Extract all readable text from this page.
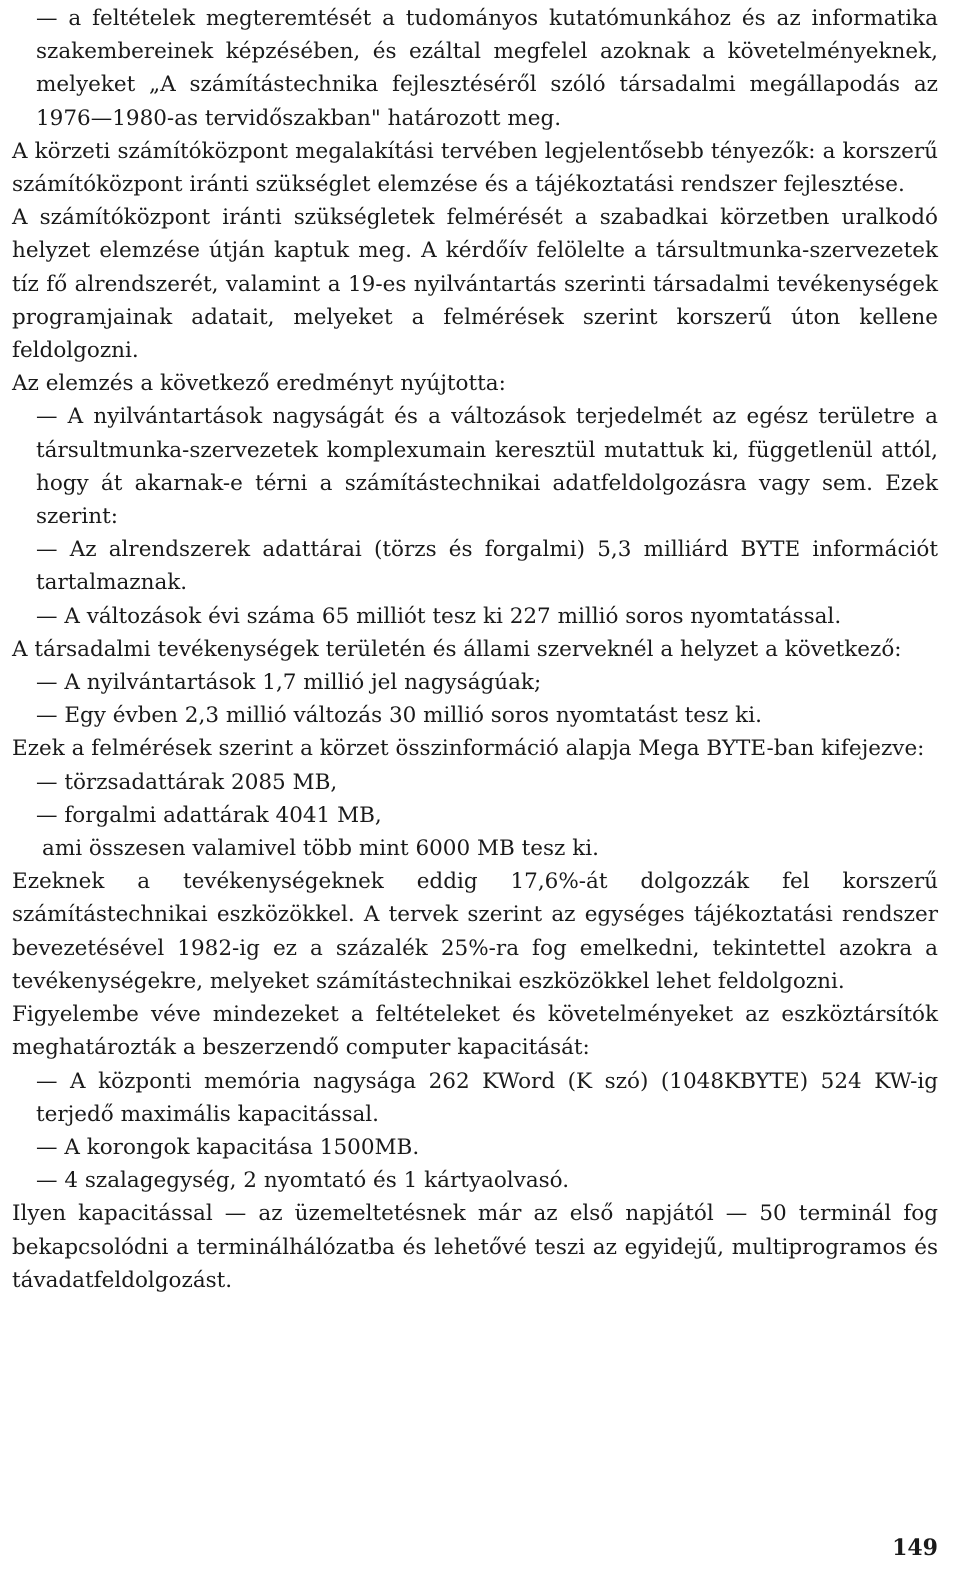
— a feltételek megteremtését a tudományos kutatómunkához és az informatika szakembereinek képzésében, és ezáltal megfelel azoknak a követelményeknek, melyeket „A számítástechnika fejlesztéséről szóló társadalmi megállapodás az 1976—1980-as tervidőszakban" határozott meg.

A körzeti számítóközpont megalakítási tervében legjelentősebb tényezők: a korszerű számítóközpont iránti szükséglet elemzése és a tájékoztatási rendszer fejlesztése.

A számítóközpont iránti szükségletek felmérését a szabadkai körzetben uralkodó helyzet elemzése útján kaptuk meg. A kérdőív felölelte a társultmunka-szervezetek tíz fő alrendszerét, valamint a 19-es nyilvántartás szerinti társadalmi tevékenységek programjainak adatait, melyeket a felmérések szerint korszerű úton kellene feldolgozni.

Az elemzés a következő eredményt nyújtotta:

— A nyilvántartások nagyságát és a változások terjedelmét az egész területre a társultmunka-szervezetek komplexumain keresztül mutattuk ki, függetlenül attól, hogy át akarnak-e térni a számítástechnikai adatfeldolgozásra vagy sem. Ezek szerint:

— Az alrendszerek adattárai (törzs és forgalmi) 5,3 milliárd BYTE információt tartalmaznak.

— A változások évi száma 65 milliót tesz ki 227 millió soros nyomtatással.

A társadalmi tevékenységek területén és állami szerveknél a helyzet a következő:

— A nyilvántartások 1,7 millió jel nagyságúak;

— Egy évben 2,3 millió változás 30 millió soros nyomtatást tesz ki.

Ezek a felmérések szerint a körzet összinformáció alapja Mega BYTE-ban kifejezve:

— törzsadattárak 2085 MB,

— forgalmi adattárak 4041 MB,

ami összesen valamivel több mint 6000 MB tesz ki.

Ezeknek a tevékenységeknek eddig 17,6%-át dolgozzák fel korszerű számítástechnikai eszközökkel. A tervek szerint az egységes tájékoztatási rendszer bevezetésével 1982-ig ez a százalék 25%-ra fog emelkedni, tekintettel azokra a tevékenységekre, melyeket számítástechnikai eszközökkel lehet feldolgozni.

Figyelembe véve mindezeket a feltételeket és követelményeket az eszköztársítók meghatározták a beszerzendő computer kapacitását:

— A központi memória nagysága 262 KWord (K szó) (1048KBYTE) 524 KW-ig terjedő maximális kapacitással.

— A korongok kapacitása 1500MB.

— 4 szalagegység, 2 nyomtató és 1 kártyaolvasó.

Ilyen kapacitással — az üzemeltetésnek már az első napjától — 50 terminál fog bekapcsolódni a terminálhálózatba és lehetővé teszi az egyidejű, multiprogramos és távadatfeldolgozást.

149
